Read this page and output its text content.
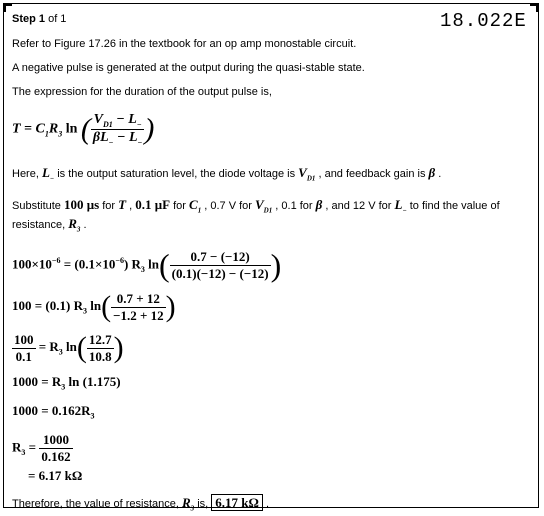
Step 1 of 1	18.022E
Refer to Figure 17.26 in the textbook for an op amp monostable circuit.
A negative pulse is generated at the output during the quasi-stable state.
The expression for the duration of the output pulse is,
$T = C_1R_3$ ln ( $\frac{V_{D1} - L_-}{\beta L_- - L_-}$ )
Here, $L_-$ is the output saturation level, the diode voltage is $V_{D1}$ , and feedback gain is β .
Substitute 100 μs for T , 0.1 μF for $C_1$ , 0.7 V for $V_{D1}$ , 0.1 for β , and 12 V for $L_-$ to find the value of
resistance, $R_3$ .
$100\times 10^{-6} = (0.1\times 10^{-6})$ $R_3$ $\ln( \frac{0.7 - (-12)}{(0.1)(-12) - (-12)}$ )
100 = (0.1) $R_3$ $\ln( \frac{0.7 + 12}{-1.2 + 12}$ )
$\frac{100}{0.1} = R_3$ $\ln( \frac{12.7}{10.8}$ )
$1000 = R_3$ ln (1.175)
$1000 = 0.162R_3$
$R_3 = \frac{1000}{0.162}$
= 6.17 kΩ
Therefore, the value of resistance, $R_3$ is, 6.17 kΩ .
